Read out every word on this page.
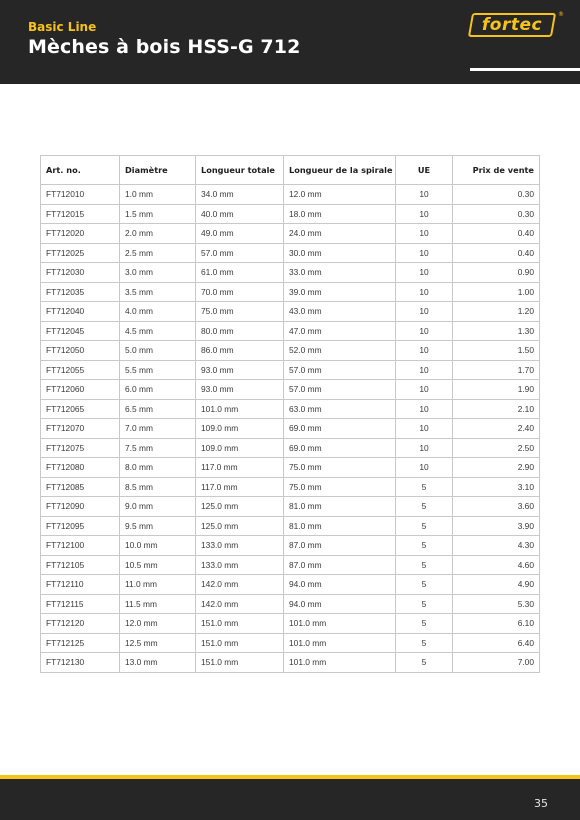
Basic Line
Mèches à bois HSS-G 712
fortec
®
Art. no.	Diamètre	Longueur totale	Longueur de la spirale	UE	Prix de vente
FT712010	1.0 mm	34.0 mm	12.0 mm	10	0.30
FT712015	1.5 mm	40.0 mm	18.0 mm	10	0.30
FT712020	2.0 mm	49.0 mm	24.0 mm	10	0.40
FT712025	2.5 mm	57.0 mm	30.0 mm	10	0.40
FT712030	3.0 mm	61.0 mm	33.0 mm	10	0.90
FT712035	3.5 mm	70.0 mm	39.0 mm	10	1.00
FT712040	4.0 mm	75.0 mm	43.0 mm	10	1.20
FT712045	4.5 mm	80.0 mm	47.0 mm	10	1.30
FT712050	5.0 mm	86.0 mm	52.0 mm	10	1.50
FT712055	5.5 mm	93.0 mm	57.0 mm	10	1.70
FT712060	6.0 mm	93.0 mm	57.0 mm	10	1.90
FT712065	6.5 mm	101.0 mm	63.0 mm	10	2.10
FT712070	7.0 mm	109.0 mm	69.0 mm	10	2.40
FT712075	7.5 mm	109.0 mm	69.0 mm	10	2.50
FT712080	8.0 mm	117.0 mm	75.0 mm	10	2.90
FT712085	8.5 mm	117.0 mm	75.0 mm	5	3.10
FT712090	9.0 mm	125.0 mm	81.0 mm	5	3.60
FT712095	9.5 mm	125.0 mm	81.0 mm	5	3.90
FT712100	10.0 mm	133.0 mm	87.0 mm	5	4.30
FT712105	10.5 mm	133.0 mm	87.0 mm	5	4.60
FT712110	11.0 mm	142.0 mm	94.0 mm	5	4.90
FT712115	11.5 mm	142.0 mm	94.0 mm	5	5.30
FT712120	12.0 mm	151.0 mm	101.0 mm	5	6.10
FT712125	12.5 mm	151.0 mm	101.0 mm	5	6.40
FT712130	13.0 mm	151.0 mm	101.0 mm	5	7.00
35
